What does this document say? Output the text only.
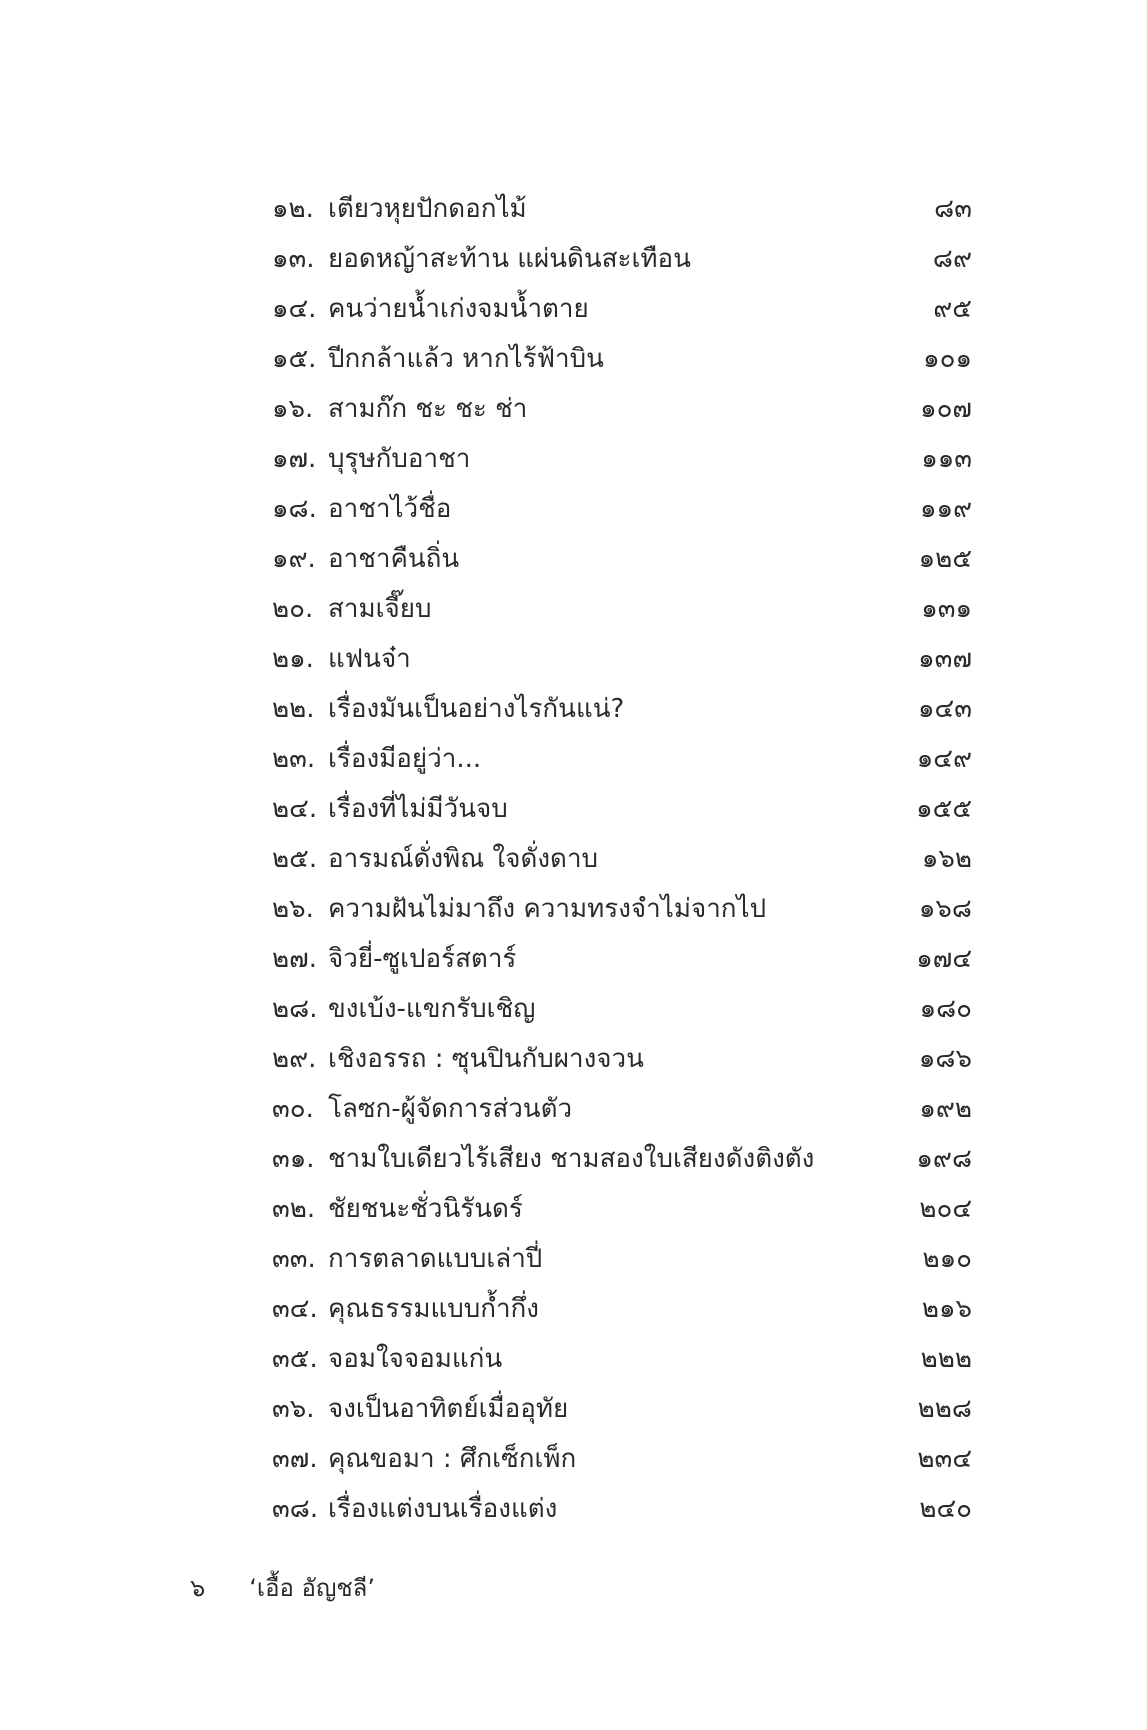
๑๒. เตียวหุยปักดอกไม้	๘๓
๑๓. ยอดหญ้าสะท้าน แผ่นดินสะเทือน	๘๙
๑๔. คนว่ายน้ำเก่งจมน้ำตาย	๙๕
๑๕. ปีกกล้าแล้ว หากไร้ฟ้าบิน	๑๐๑
๑๖. สามก๊ก ชะ ชะ ช่า	๑๐๗
๑๗. บุรุษกับอาชา	๑๑๓
๑๘. อาชาไว้ชื่อ	๑๑๙
๑๙. อาชาคืนถิ่น	๑๒๕
๒๐. สามเจี๊ยบ	๑๓๑
๒๑. แฟนจ๋า	๑๓๗
๒๒. เรื่องมันเป็นอย่างไรกันแน่?	๑๔๓
๒๓. เรื่องมีอยู่ว่า...	๑๔๙
๒๔. เรื่องที่ไม่มีวันจบ	๑๕๕
๒๕. อารมณ์ดั่งพิณ ใจดั่งดาบ	๑๖๒
๒๖. ความฝันไม่มาถึง ความทรงจำไม่จากไป	๑๖๘
๒๗. จิวยี่-ซูเปอร์สตาร์	๑๗๔
๒๘. ขงเบ้ง-แขกรับเชิญ	๑๘๐
๒๙. เชิงอรรถ : ซุนปินกับผางจวน	๑๘๖
๓๐. โลซก-ผู้จัดการส่วนตัว	๑๙๒
๓๑. ชามใบเดียวไร้เสียง ชามสองใบเสียงดังติงตัง	๑๙๘
๓๒. ชัยชนะชั่วนิรันดร์	๒๐๔
๓๓. การตลาดแบบเล่าปี่	๒๑๐
๓๔. คุณธรรมแบบก้ำกึ่ง	๒๑๖
๓๕. จอมใจจอมแก่น	๒๒๒
๓๖. จงเป็นอาทิตย์เมื่ออุทัย	๒๒๘
๓๗. คุณขอมา : ศึกเซ็กเพ็ก	๒๓๔
๓๘. เรื่องแต่งบนเรื่องแต่ง	๒๔๐
๖ ‘เอื้อ อัญชลี’
